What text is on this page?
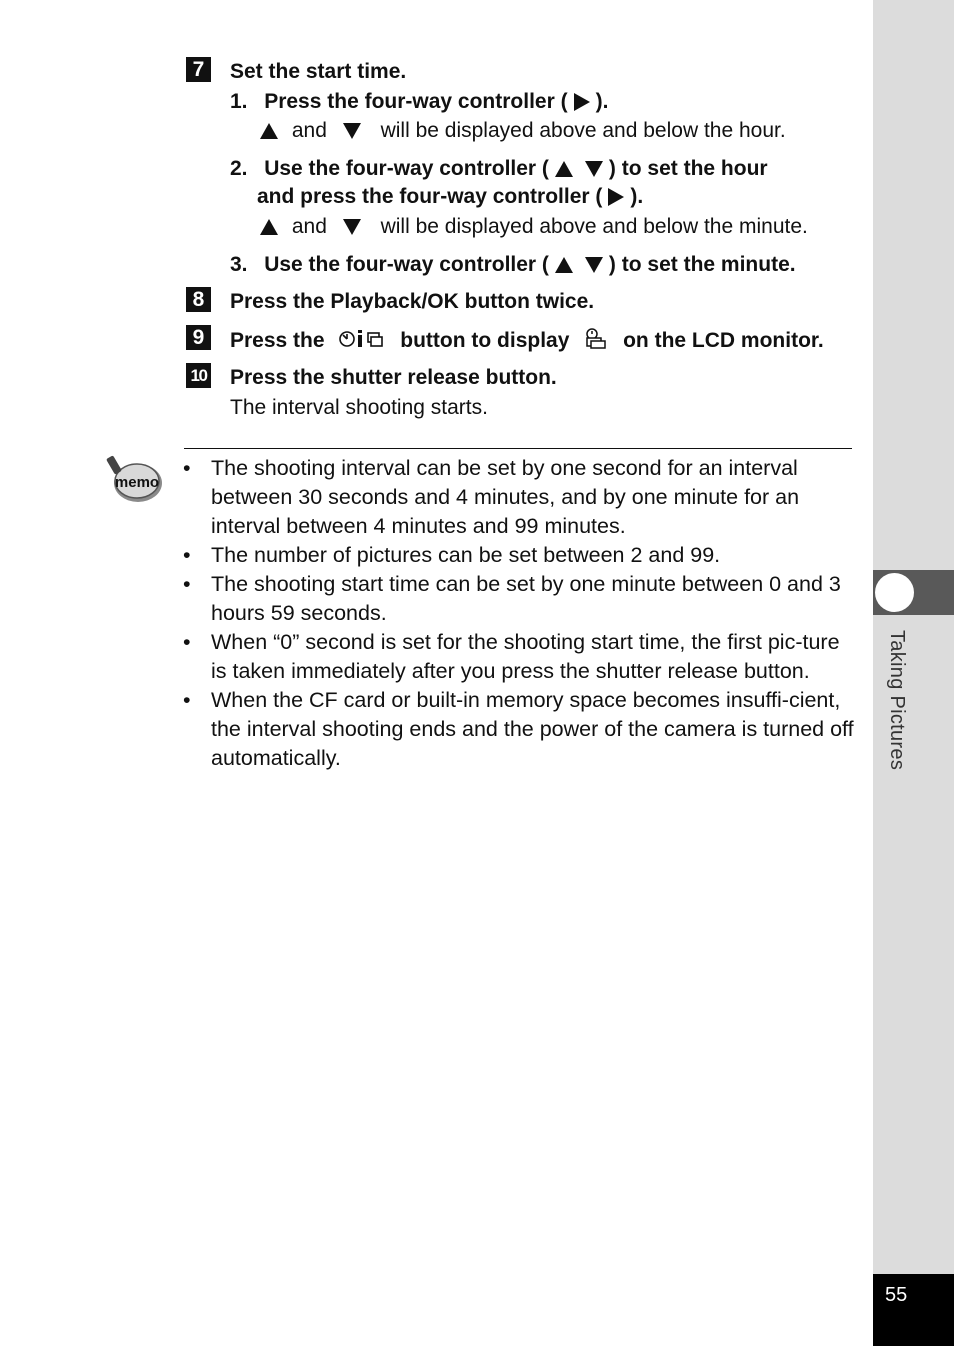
Taking Pictures
55
7	Set the start time.
1. Press the four-way controller ( ).
and	will be displayed above and below the hour.
2. Use the four-way controller (	) to set the hour
and press the four-way controller ( ).
and	will be displayed above and below the minute.
3. Use the four-way controller (	) to set the minute.
8	Press the Playback/OK button twice.
9	Press the	button to display	on the LCD monitor.
10 Press the shutter release button.
The interval shooting starts.
memo
• The shooting interval can be set by one second for an interval between 30 seconds and 4 minutes, and by one minute for an interval between 4 minutes and 99 minutes.
• The number of pictures can be set between 2 and 99.
• The shooting start time can be set by one minute between 0 and 3 hours 59 seconds.
• When “0” second is set for the shooting start time, the first pic-ture is taken immediately after you press the shutter release button.
• When the CF card or built-in memory space becomes insuffi-cient, the interval shooting ends and the power of the camera is turned off automatically.
